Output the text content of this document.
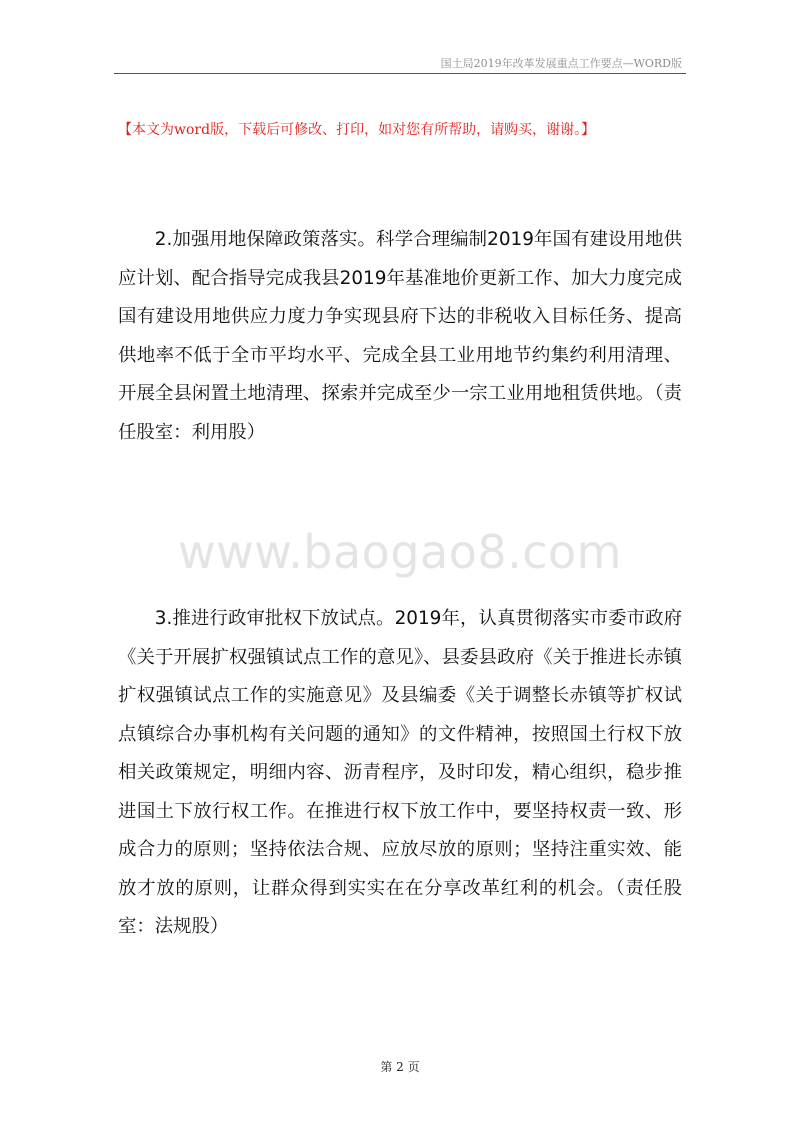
国土局2019年改革发展重点工作要点—WORD版
【本文为word版，下载后可修改、打印，如对您有所帮助，请购买，谢谢。】

2.加强用地保障政策落实。科学合理编制2019年国有建设用地供应计划、配合指导完成我县2019年基准地价更新工作、加大力度完成国有建设用地供应力度力争实现县府下达的非税收入目标任务、提高供地率不低于全市平均水平、完成全县工业用地节约集约利用清理、开展全县闲置土地清理、探索并完成至少一宗工业用地租赁供地。（责任股室：利用股）

www.baogao8.com

3.推进行政审批权下放试点。2019年，认真贯彻落实市委市政府《关于开展扩权强镇试点工作的意见》、县委县政府《关于推进长赤镇扩权强镇试点工作的实施意见》及县编委《关于调整长赤镇等扩权试点镇综合办事机构有关问题的通知》的文件精神，按照国土行权下放相关政策规定，明细内容、沥青程序，及时印发，精心组织，稳步推进国土下放行权工作。在推进行权下放工作中，要坚持权责一致、形成合力的原则；坚持依法合规、应放尽放的原则；坚持注重实效、能放才放的原则，让群众得到实实在在分享改革红利的机会。（责任股室：法规股）

第 2 页
